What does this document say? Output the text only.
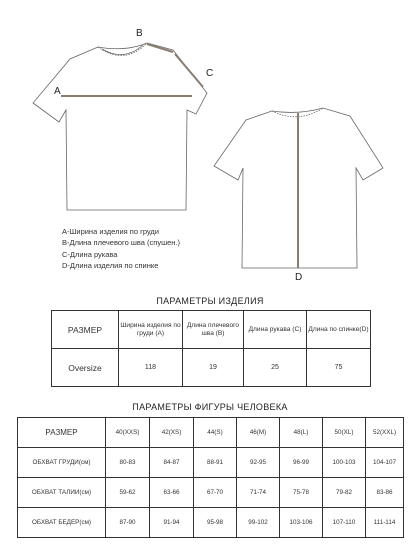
A
B
C
D
A-Ширина изделия по груди
B-Длина плечевого шва (спушен.)
C-Длина рукава
D-Длина изделия по спинке
ПАРАМЕТРЫ ИЗДЕЛИЯ
РАЗМЕР	Ширина изделия по груди (А)	Длина плечевого шва (В)	Длина рукава (С)	Длина по спинке(D)
Oversize	118	19	25	75
ПАРАМЕТРЫ ФИГУРЫ ЧЕЛОВЕКА
РАЗМЕР	40(XXS)	42(XS)	44(S)	46(M)	48(L)	50(XL)	52(XXL)
ОБХВАТ ГРУДИ(см)	80-83	84-87	88-91	92-95	96-99	100-103	104-107
ОБХВАТ ТАЛИИ(см)	59-62	63-66	67-70	71-74	75-78	79-82	83-86
ОБХВАТ БЕДЕР(см)	87-90	91-94	95-98	99-102	103-106	107-110	111-114
